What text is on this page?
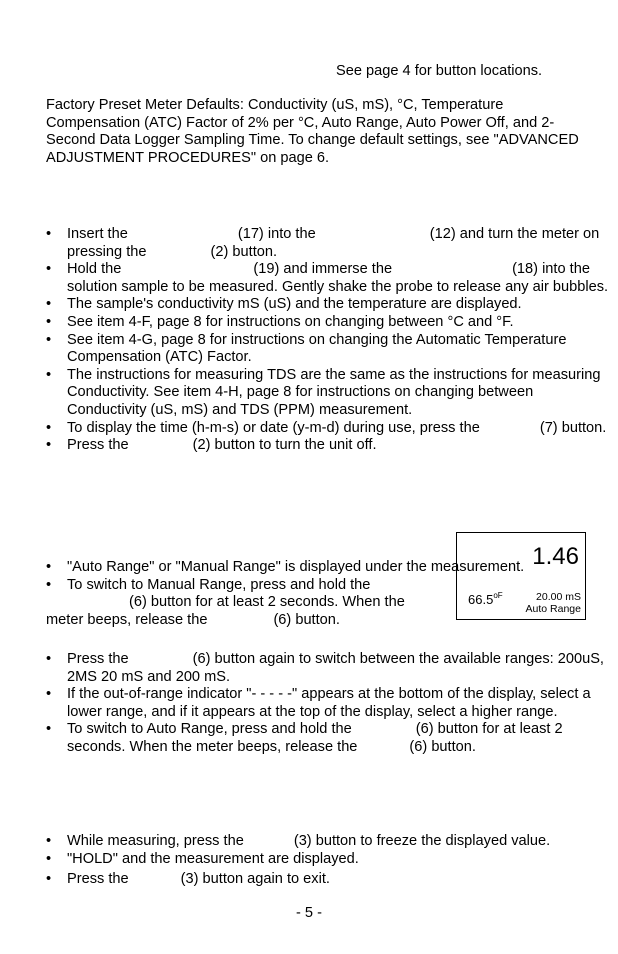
See page 4 for button locations.
Factory Preset Meter Defaults: Conductivity (uS, mS), °C, Temperature Compensation (ATC) Factor of 2% per °C, Auto Range, Auto Power Off, and 2-Second Data Logger Sampling Time. To change default settings, see "ADVANCED ADJUSTMENT PROCEDURES" on page 6.
• Insert the	(17) into the	(12) and turn the meter on pressing the	(2) button.
• Hold the	(19) and immerse the	(18) into the solution sample to be measured. Gently shake the probe to release any air bubbles.
• The sample's conductivity mS (uS) and the temperature are displayed.
• See item 4-F, page 8 for instructions on changing between °C and °F.
• See item 4-G, page 8 for instructions on changing the Automatic Temperature Compensation (ATC) Factor.
• The instructions for measuring TDS are the same as the instructions for measuring Conductivity. See item 4-H, page 8 for instructions on changing between Conductivity (uS, mS) and TDS (PPM) measurement.
• To display the time (h-m-s) or date (y-m-d) during use, press the	(7) button.
• Press the	(2) button to turn the unit off.
• "Auto Range" or "Manual Range" is displayed under the measurement.
• To switch to Manual Range, press and hold the
(6) button for at least 2 seconds. When the
meter beeps, release the	(6) button.
1.46
$66.5^{oF}$	20.00 mS
Auto Range
• Press the	(6) button again to switch between the available ranges: 200uS, 2MS 20 mS and 200 mS.
• If the out-of-range indicator "- - - - -" appears at the bottom of the display, select a lower range, and if it appears at the top of the display, select a higher range.
• To switch to Auto Range, press and hold the	(6) button for at least 2 seconds. When the meter beeps, release the	(6) button.
• While measuring, press the	(3) button to freeze the displayed value.
• "HOLD" and the measurement are displayed.
• Press the	(3) button again to exit.
- 5 -
